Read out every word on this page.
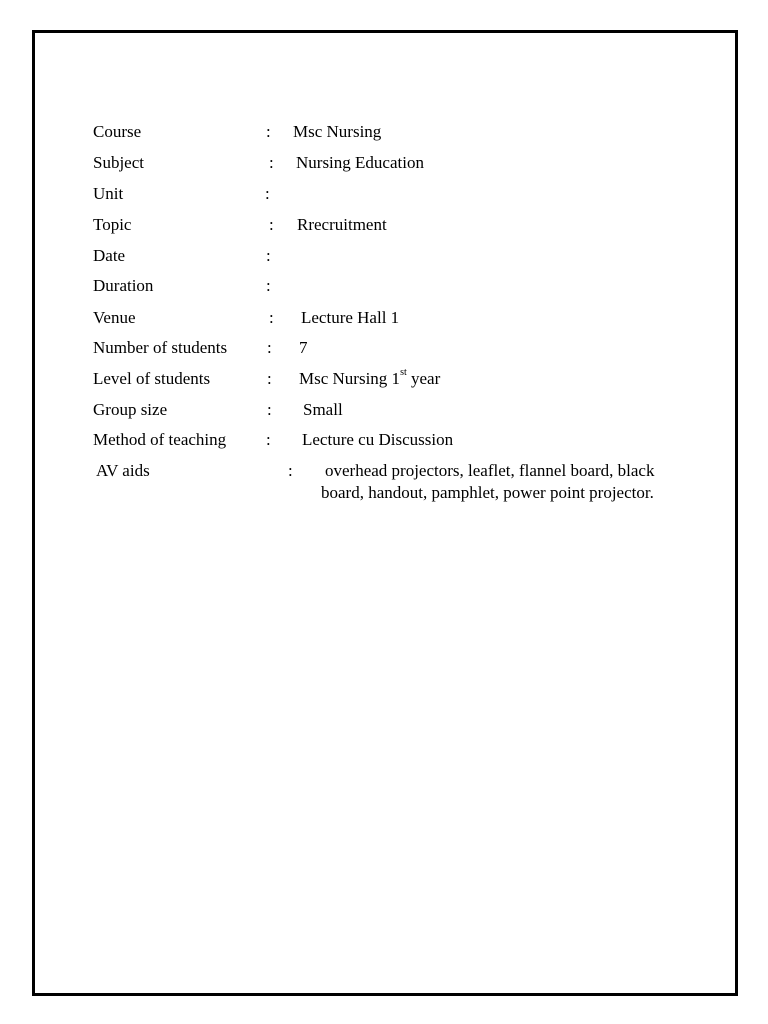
Course	: Msc Nursing
Subject	: Nursing Education
Unit	:
Topic	: Rrecruitment
Date	:
Duration	:
Venue	: Lecture Hall 1
Number of students : 7
Level of students	: Msc Nursing 1st year
Group size	: Small
Method of teaching : Lecture cu Discussion
AV aids	: overhead projectors, leaflet, flannel board, black
board, handout, pamphlet, power point projector.
